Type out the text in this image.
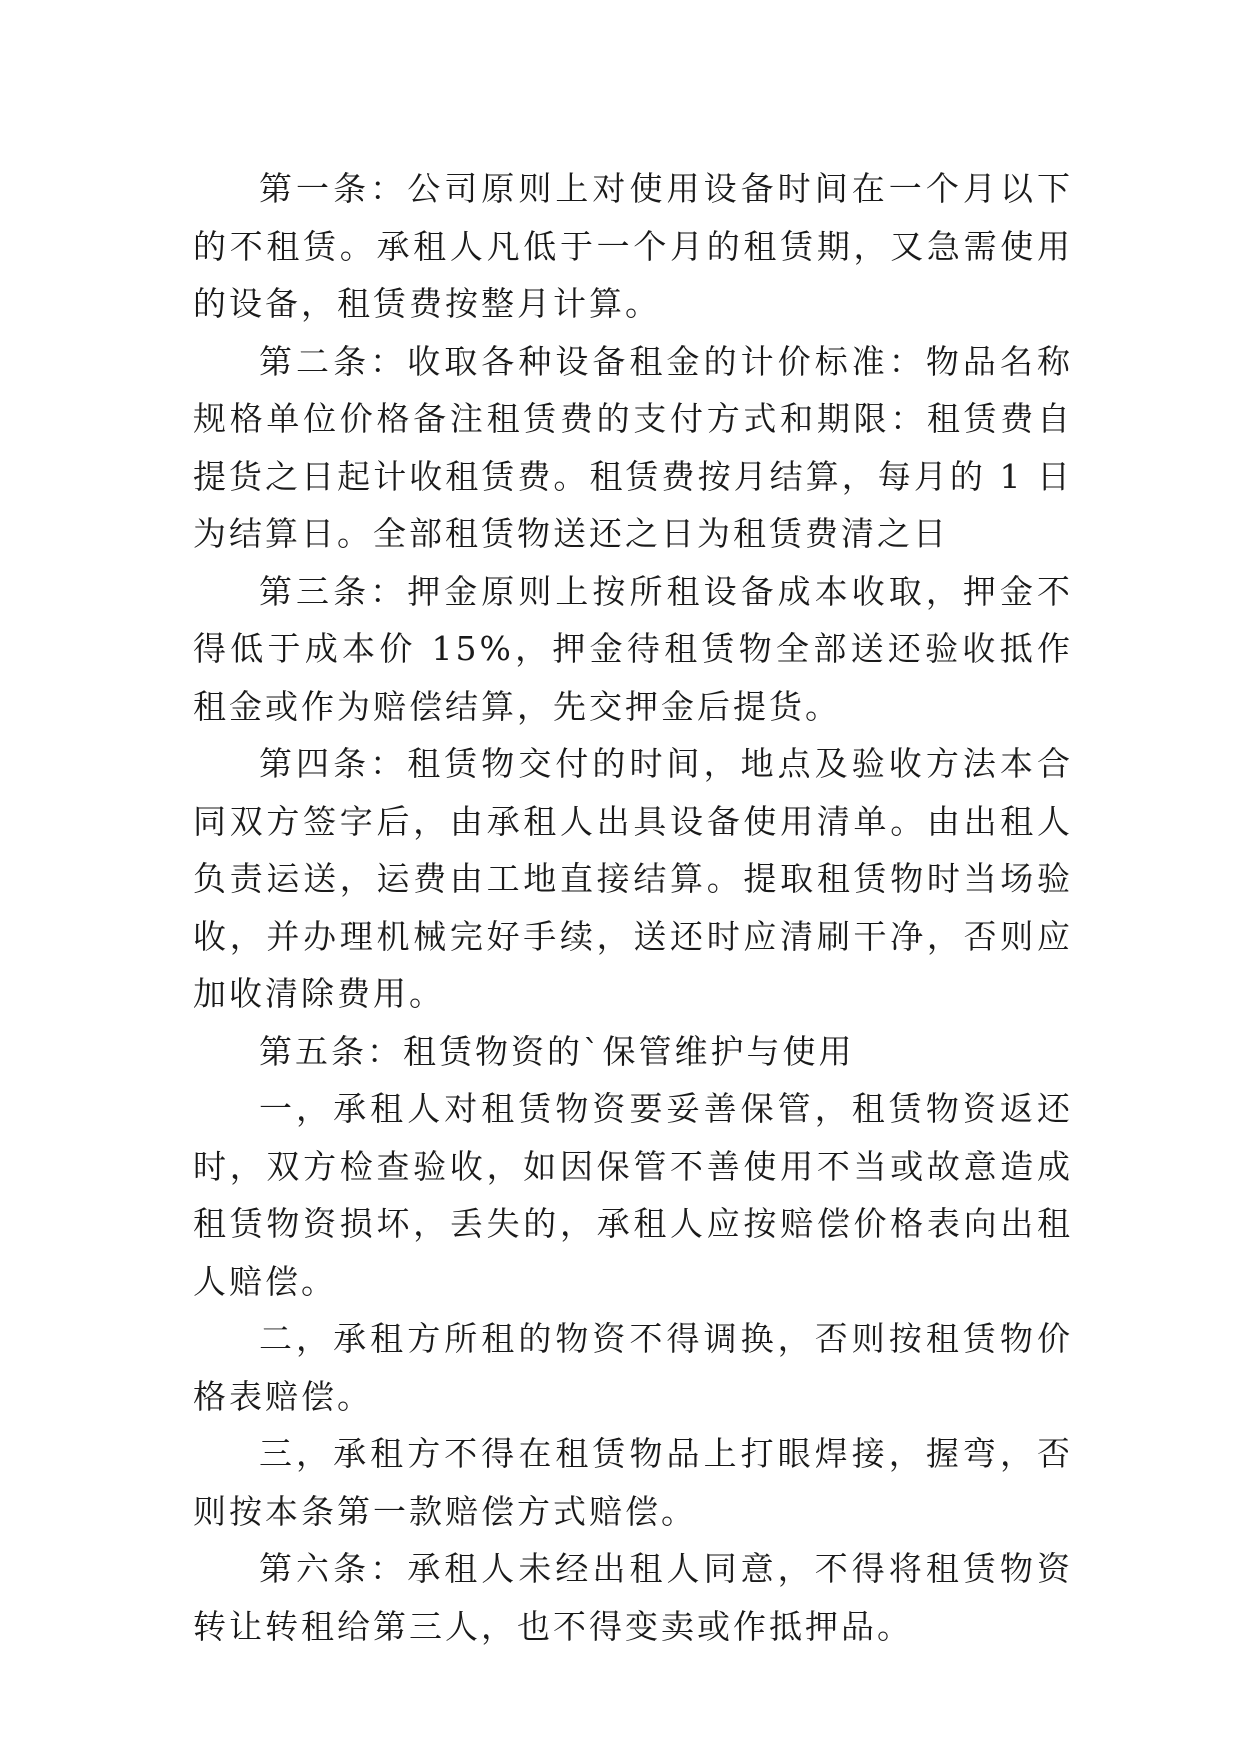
第一条：公司原则上对使用设备时间在一个月以下的不租赁。承租人凡低于一个月的租赁期，又急需使用的设备，租赁费按整月计算。

第二条：收取各种设备租金的计价标准：物品名称规格单位价格备注租赁费的支付方式和期限：租赁费自提货之日起计收租赁费。租赁费按月结算，每月的 1 日为结算日。全部租赁物送还之日为租赁费清之日

第三条：押金原则上按所租设备成本收取，押金不得低于成本价 15%，押金待租赁物全部送还验收抵作租金或作为赔偿结算，先交押金后提货。

第四条：租赁物交付的时间，地点及验收方法本合同双方签字后，由承租人出具设备使用清单。由出租人负责运送，运费由工地直接结算。提取租赁物时当场验收，并办理机械完好手续，送还时应清刷干净，否则应加收清除费用。

第五条：租赁物资的`保管维护与使用

一，承租人对租赁物资要妥善保管，租赁物资返还时，双方检查验收，如因保管不善使用不当或故意造成租赁物资损坏，丢失的，承租人应按赔偿价格表向出租人赔偿。

二，承租方所租的物资不得调换，否则按租赁物价格表赔偿。

三，承租方不得在租赁物品上打眼焊接，握弯，否则按本条第一款赔偿方式赔偿。

第六条：承租人未经出租人同意，不得将租赁物资转让转租给第三人，也不得变卖或作抵押品。
